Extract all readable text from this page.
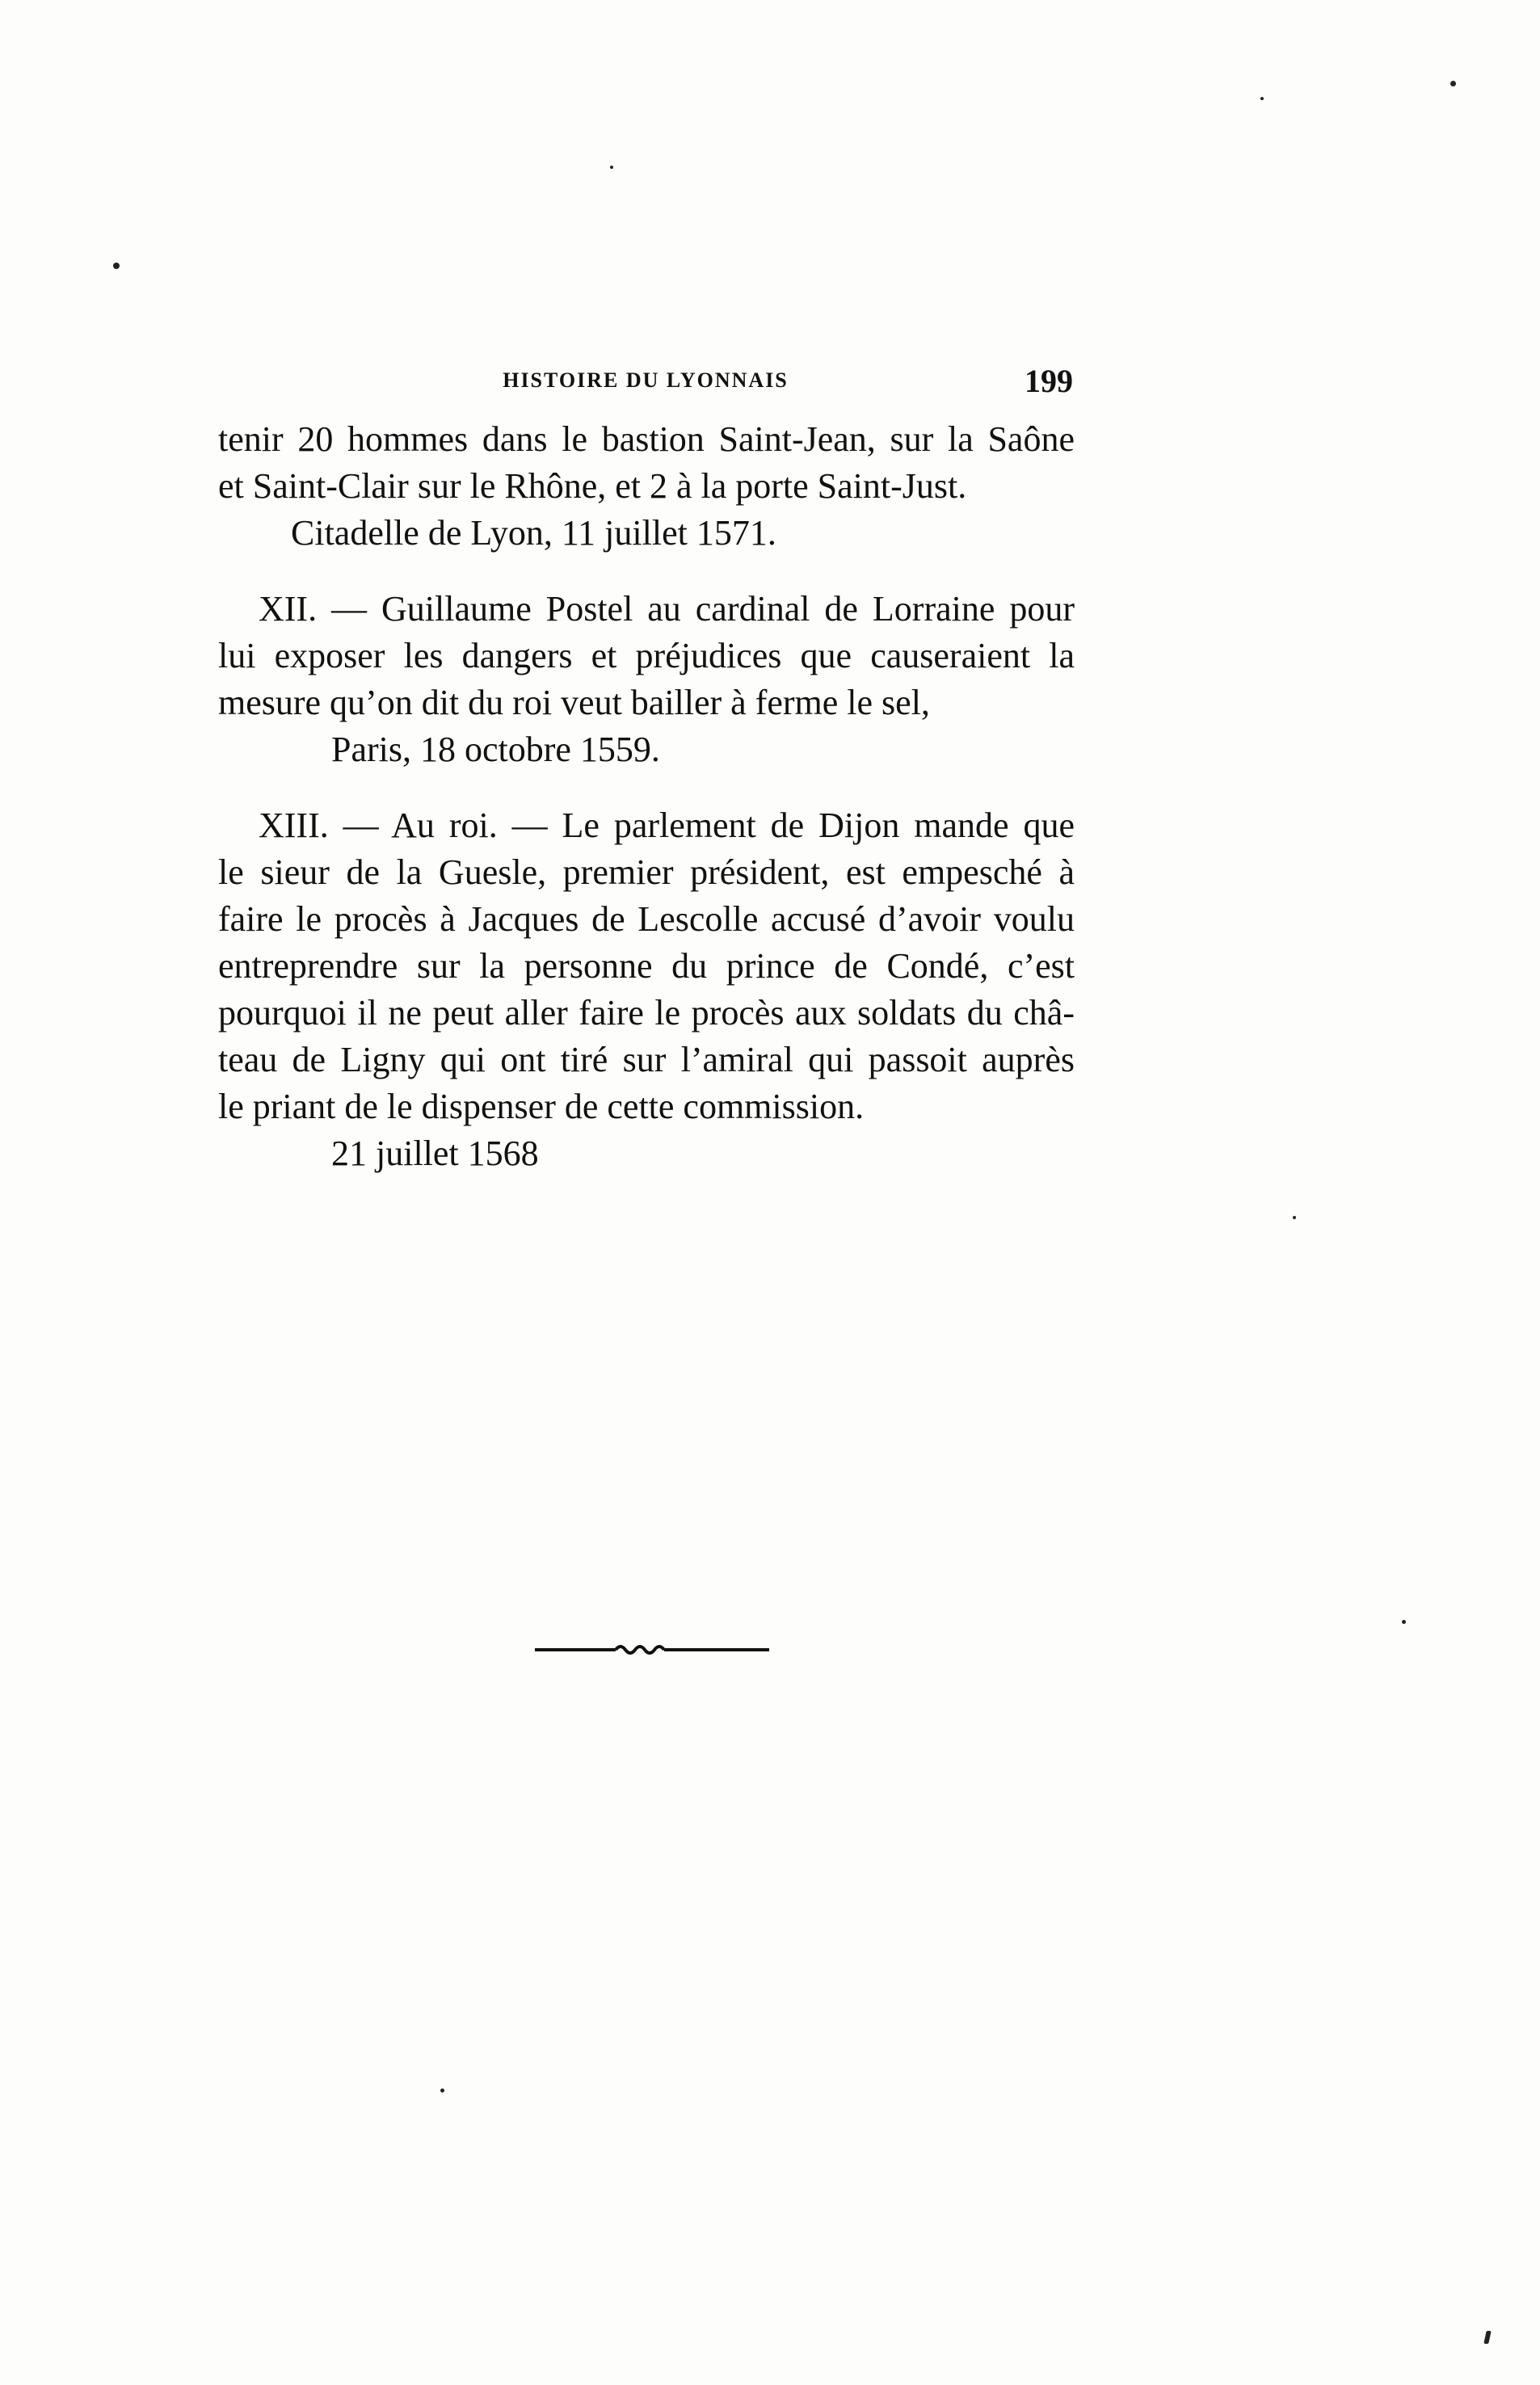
HISTOIRE DU LYONNAIS	199
tenir 20 hommes dans le bastion Saint-Jean, sur la Saône
et Saint-Clair sur le Rhône, et 2 à la porte Saint-Just.
Citadelle de Lyon, 11 juillet 1571.
XII. — Guillaume Postel au cardinal de Lorraine pour
lui exposer les dangers et préjudices que causeraient la
mesure qu’on dit du roi veut bailler à ferme le sel,
Paris, 18 octobre 1559.
XIII. — Au roi. — Le parlement de Dijon mande que
le sieur de la Guesle, premier président, est empesché à
faire le procès à Jacques de Lescolle accusé d’avoir voulu
entreprendre sur la personne du prince de Condé, c’est
pourquoi il ne peut aller faire le procès aux soldats du châ-
teau de Ligny qui ont tiré sur l’amiral qui passoit auprès
le priant de le dispenser de cette commission.
21 juillet 1568
